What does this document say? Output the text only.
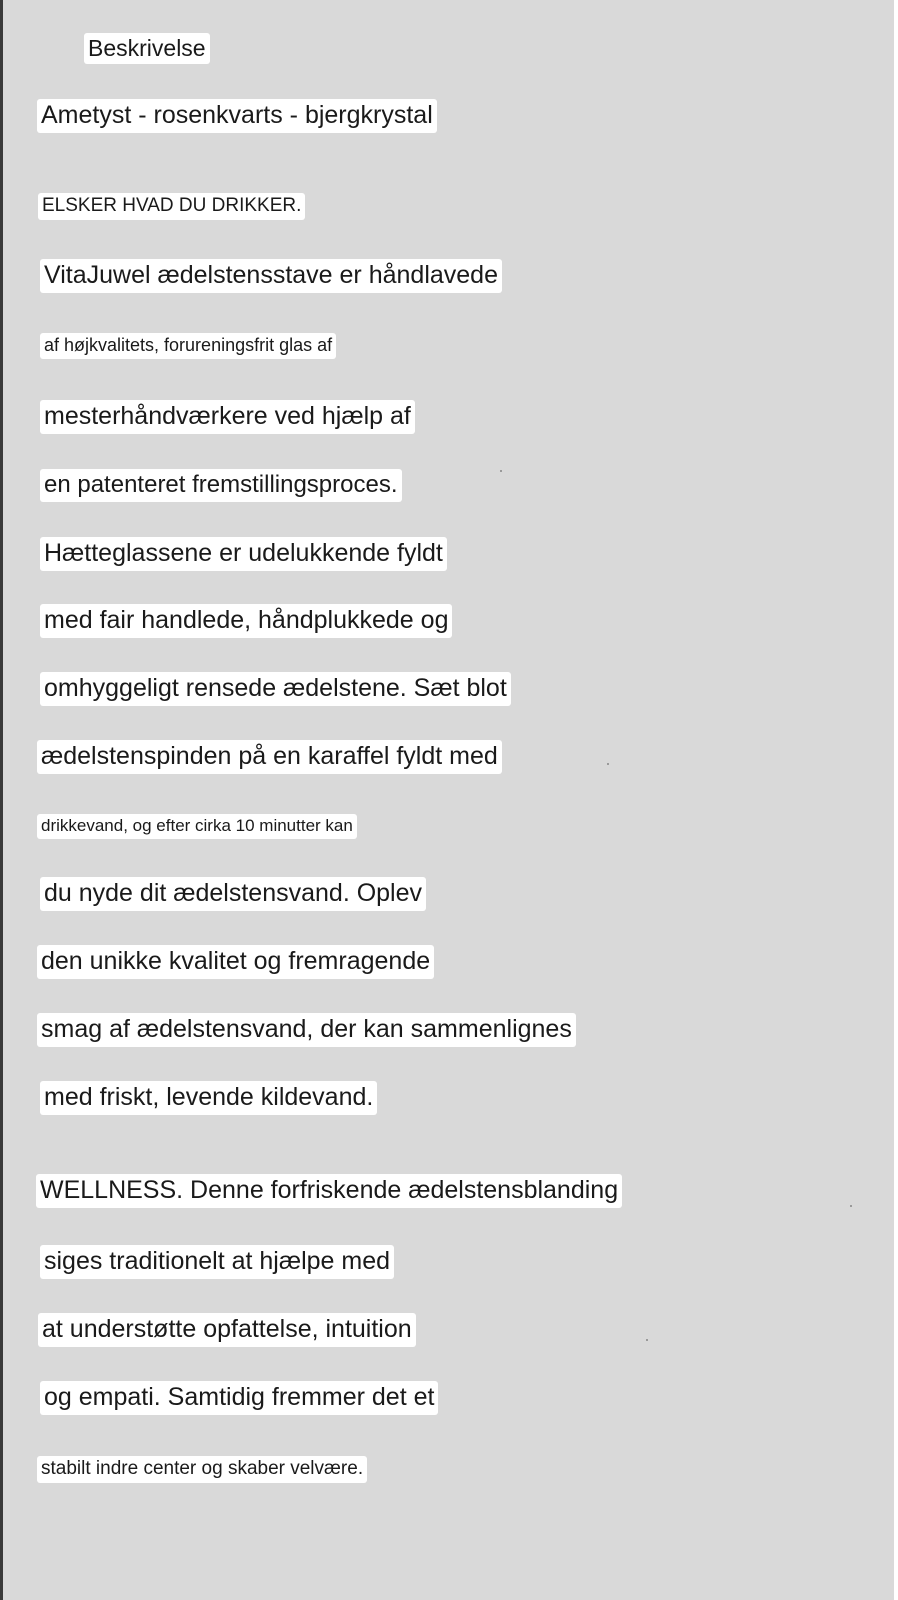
Beskrivelse
Ametyst - rosenkvarts - bjergkrystal
ELSKER HVAD DU DRIKKER.
VitaJuwel ædelstensstave er håndlavede
af højkvalitets, forureningsfrit glas af
mesterhåndværkere ved hjælp af
en patenteret fremstillingsproces.
Hætteglassene er udelukkende fyldt
med fair handlede, håndplukkede og
omhyggeligt rensede ædelstene. Sæt blot
ædelstenspinden på en karaffel fyldt med
drikkevand, og efter cirka 10 minutter kan
du nyde dit ædelstensvand. Oplev
den unikke kvalitet og fremragende
smag af ædelstensvand, der kan sammenlignes
med friskt, levende kildevand.
WELLNESS. Denne forfriskende ædelstensblanding
siges traditionelt at hjælpe med
at understøtte opfattelse, intuition
og empati. Samtidig fremmer det et
stabilt indre center og skaber velvære.
